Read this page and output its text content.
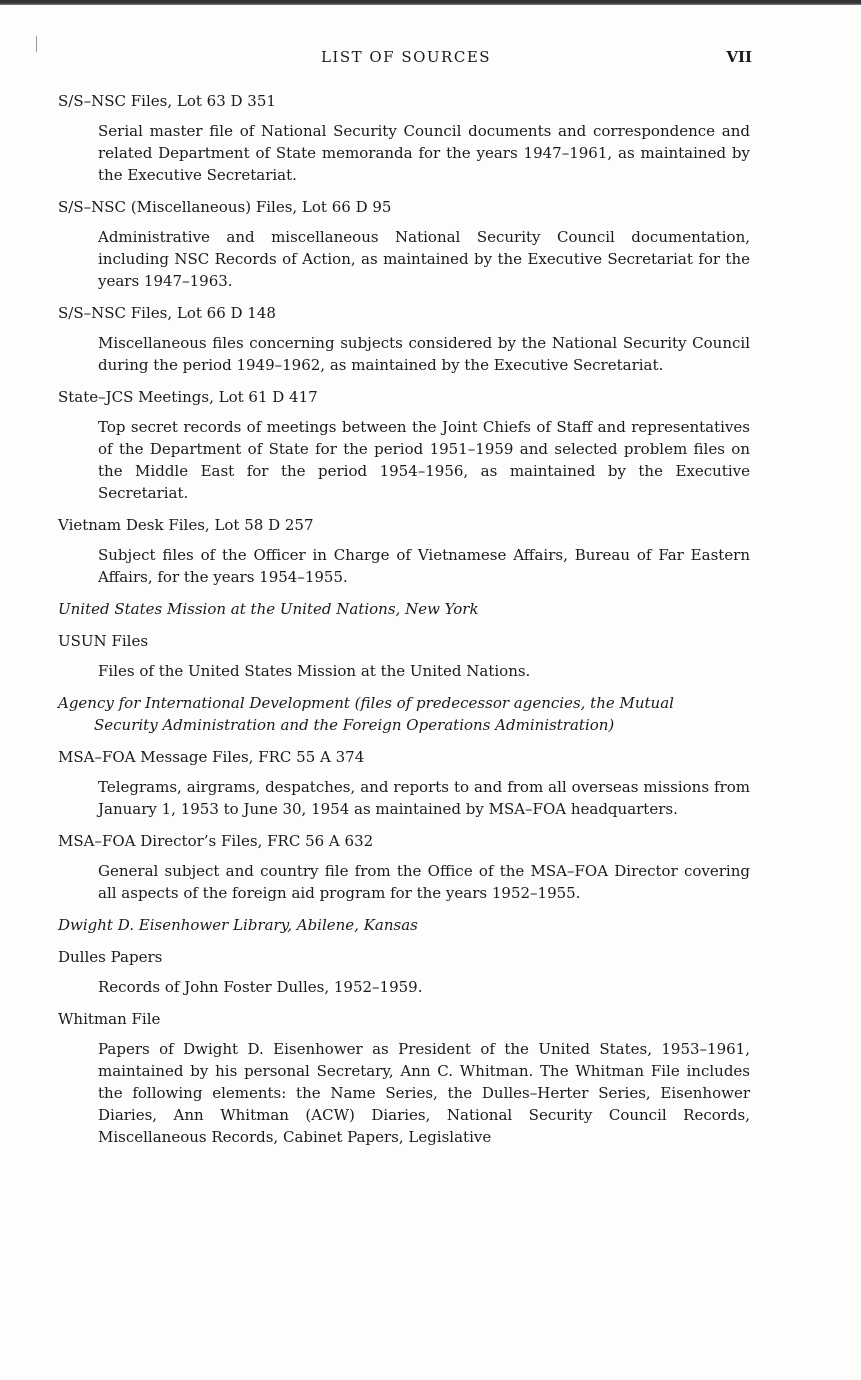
LIST OF SOURCES	VII

S/S–NSC Files, Lot 63 D 351

Serial master file of National Security Council documents and correspondence and related Department of State memoranda for the years 1947–1961, as maintained by the Executive Secretariat.

S/S–NSC (Miscellaneous) Files, Lot 66 D 95

Administrative and miscellaneous National Security Council documentation, including NSC Records of Action, as maintained by the Executive Secretariat for the years 1947–1963.

S/S–NSC Files, Lot 66 D 148

Miscellaneous files concerning subjects considered by the National Security Council during the period 1949–1962, as maintained by the Executive Secretariat.

State–JCS Meetings, Lot 61 D 417

Top secret records of meetings between the Joint Chiefs of Staff and representatives of the Department of State for the period 1951–1959 and selected problem files on the Middle East for the period 1954–1956, as maintained by the Executive Secretariat.

Vietnam Desk Files, Lot 58 D 257

Subject files of the Officer in Charge of Vietnamese Affairs, Bureau of Far Eastern Affairs, for the years 1954–1955.

United States Mission at the United Nations, New York

USUN Files

Files of the United States Mission at the United Nations.

Agency for International Development (files of predecessor agencies, the Mutual
Security Administration and the Foreign Operations Administration)

MSA–FOA Message Files, FRC 55 A 374

Telegrams, airgrams, despatches, and reports to and from all overseas missions from January 1, 1953 to June 30, 1954 as maintained by MSA–FOA headquarters.

MSA–FOA Director’s Files, FRC 56 A 632

General subject and country file from the Office of the MSA–FOA Director covering all aspects of the foreign aid program for the years 1952–1955.

Dwight D. Eisenhower Library, Abilene, Kansas

Dulles Papers

Records of John Foster Dulles, 1952–1959.

Whitman File

Papers of Dwight D. Eisenhower as President of the United States, 1953–1961, maintained by his personal Secretary, Ann C. Whitman. The Whitman File includes the following elements: the Name Series, the Dulles–Herter Series, Eisenhower Diaries, Ann Whitman (ACW) Diaries, National Security Council Records, Miscellaneous Records, Cabinet Papers, Legislative
